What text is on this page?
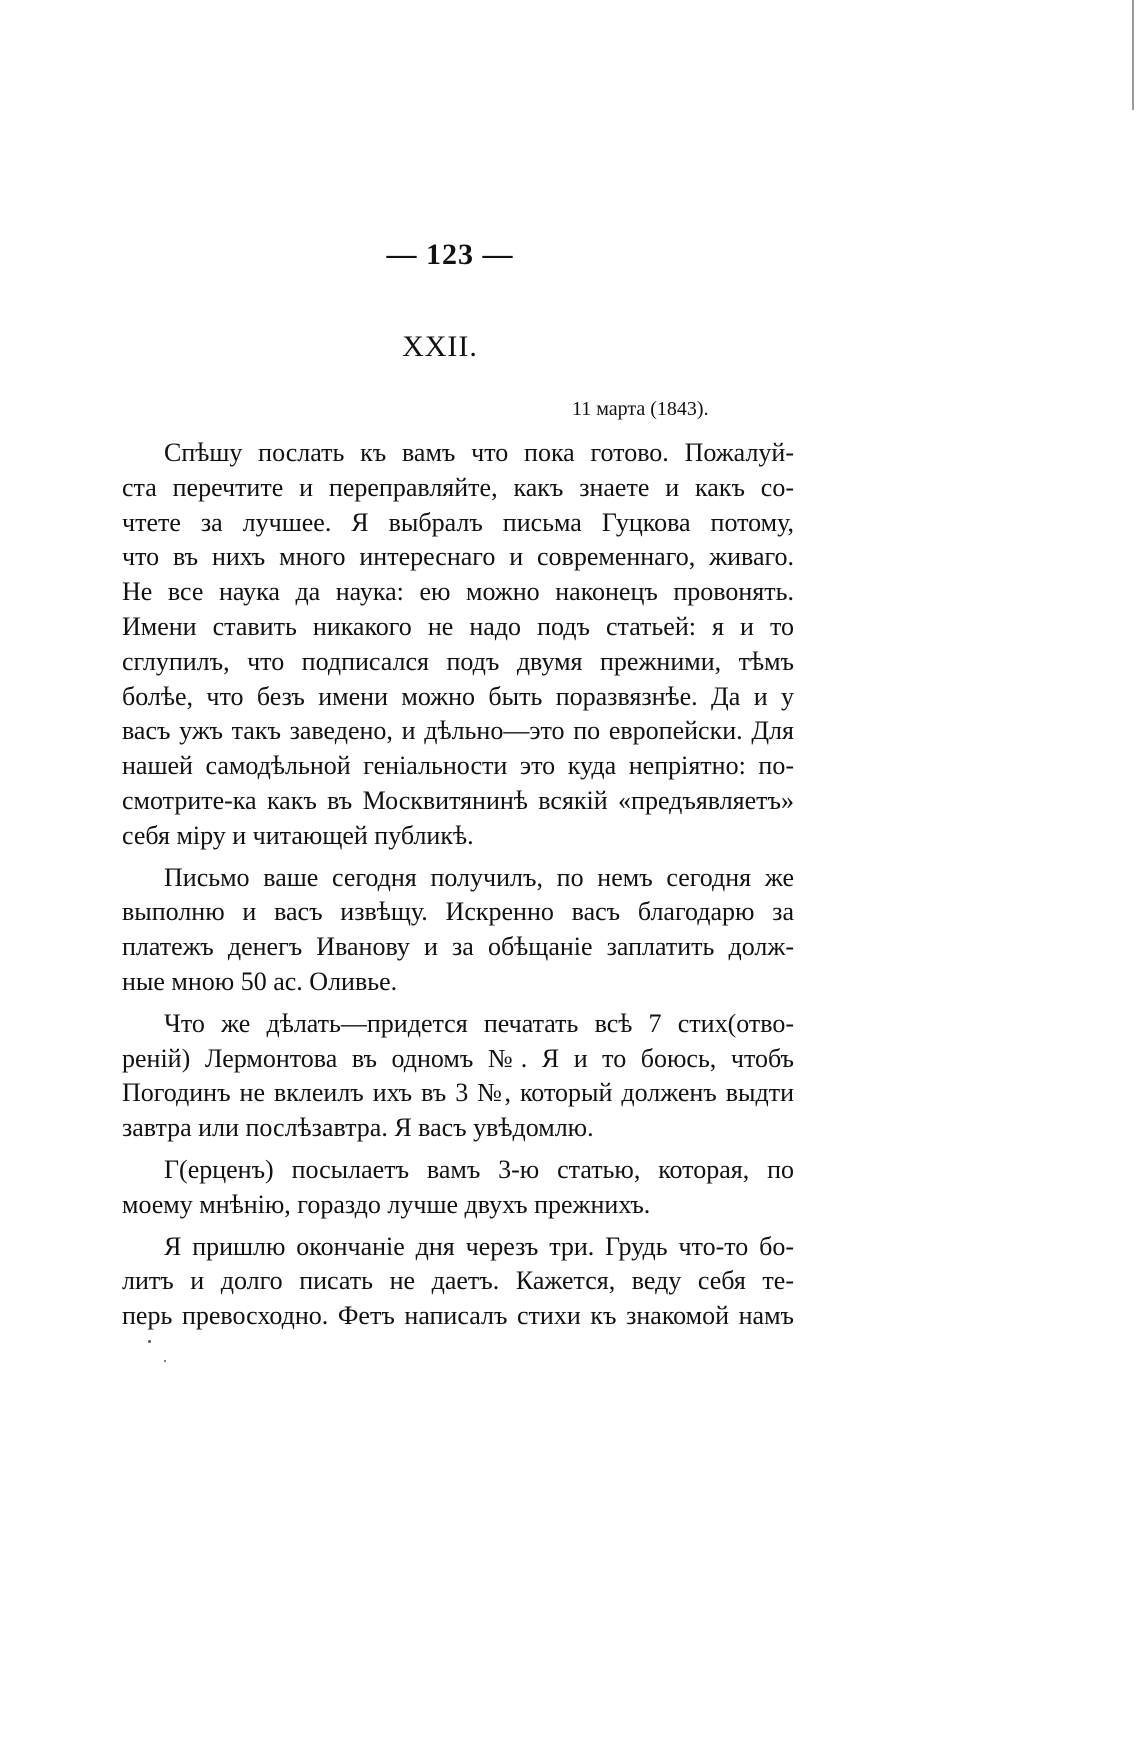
— 123 —
XXII.
11 марта (1843).
Спѣшу послать къ вамъ что пока готово. Пожалуй-
ста перечтите и переправляйте, какъ знаете и какъ со-
чтете за лучшее. Я выбралъ письма Гуцкова потому,
что въ нихъ много интереснаго и современнаго, живаго.
Не все наука да наука: ею можно наконецъ провонять.
Имени ставить никакого не надо подъ статьей: я и то
сглупилъ, что подписался подъ двумя прежними, тѣмъ
болѣе, что безъ имени можно быть поразвязнѣе. Да и у
васъ ужъ такъ заведено, и дѣльно—это по европейски. Для
нашей самодѣльной геніальности это куда непріятно: по-
смотрите-ка какъ въ Москвитянинѣ всякій «предъявляетъ»
себя міру и читающей публикѣ.
Письмо ваше сегодня получилъ, по немъ сегодня же
выполню и васъ извѣщу. Искренно васъ благодарю за
платежъ денегъ Иванову и за обѣщаніе заплатить долж-
ные мною 50 ас. Оливье.
Что же дѣлать—придется печатать всѣ 7 стих(отво-
реній) Лермонтова въ одномъ №. Я и то боюсь, чтобъ
Погодинъ не вклеилъ ихъ въ 3 №, который долженъ выдти
завтра или послѣзавтра. Я васъ увѣдомлю.
Г(ерценъ) посылаетъ вамъ 3-ю статью, которая, по
моему мнѣнію, гораздо лучше двухъ прежнихъ.
Я пришлю окончаніе дня черезъ три. Грудь что-то бо-
литъ и долго писать не даетъ. Кажется, веду себя те-
перь превосходно. Фетъ написалъ стихи къ знакомой намъ
